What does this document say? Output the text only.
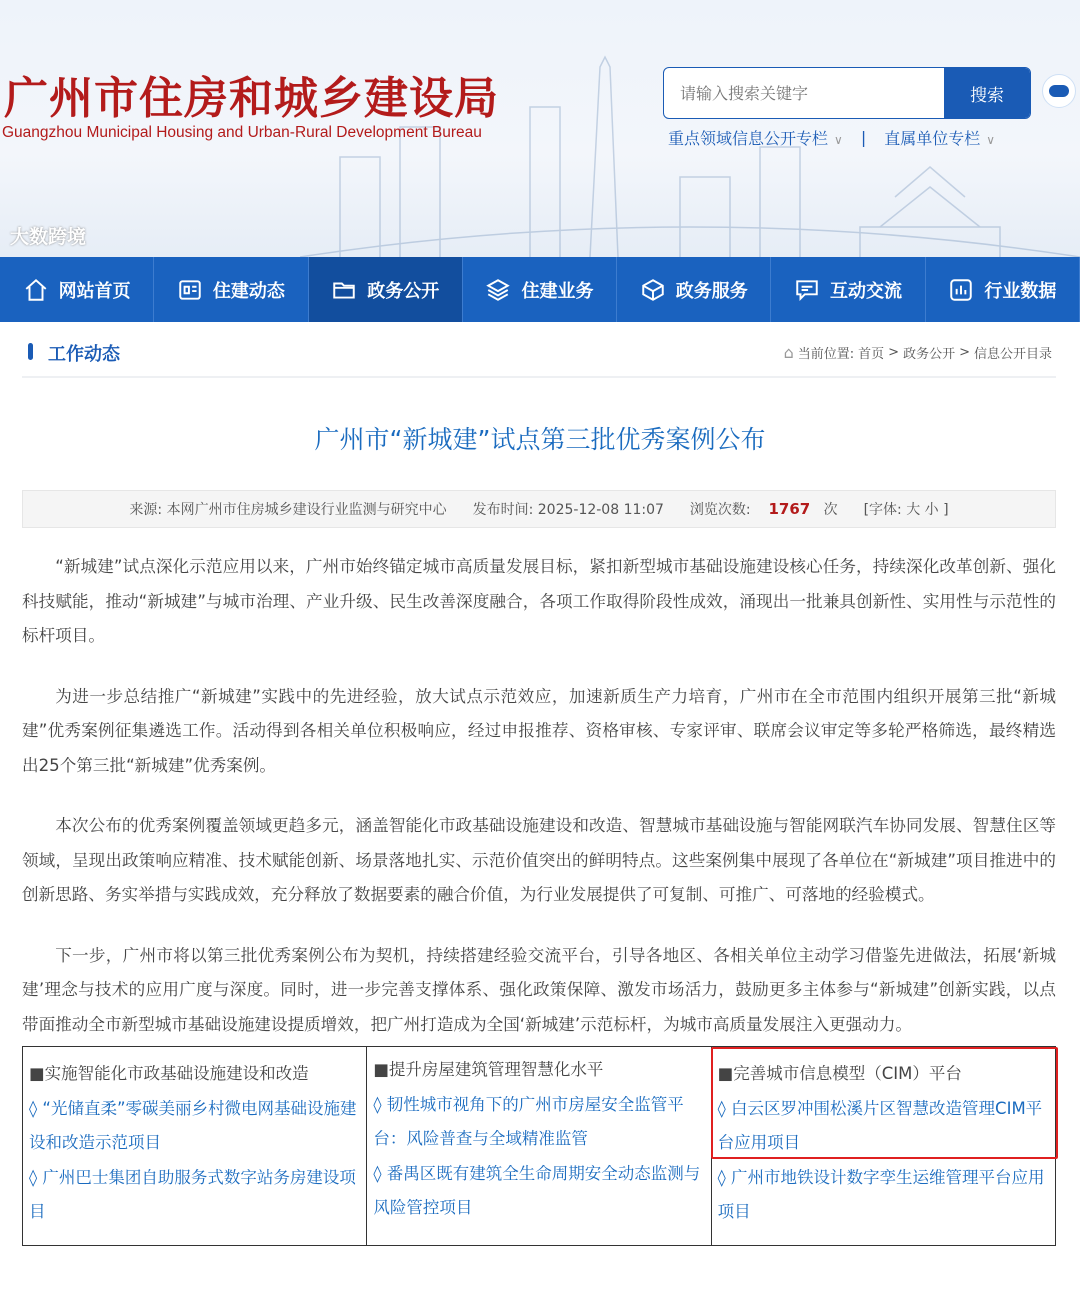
广州市住房和城乡建设局
Guangzhou Municipal Housing and Urban-Rural Development Bureau
请输入搜索关键字
搜索
重点领域信息公开专栏 ∨ | 直属单位专栏 ∨
大数跨境
网站首页	住建动态	政务公开	住建业务	政务服务	互动交流	行业数据
工作动态	⌂ 当前位置: 首页 > 政务公开 > 信息公开目录
广州市“新城建”试点第三批优秀案例公布
来源: 本网广州市住房城乡建设行业监测与研究中心 发布时间: 2025-12-08 11:07 浏览次数: 1767 次 [字体: 大 小 ]

“新城建”试点深化示范应用以来，广州市始终锚定城市高质量发展目标，紧扣新型城市基础设施建设核心任务，持续深化改革创新、强化科技赋能，推动“新城建”与城市治理、产业升级、民生改善深度融合，各项工作取得阶段性成效，涌现出一批兼具创新性、实用性与示范性的标杆项目。

为进一步总结推广“新城建”实践中的先进经验，放大试点示范效应，加速新质生产力培育，广州市在全市范围内组织开展第三批“新城建”优秀案例征集遴选工作。活动得到各相关单位积极响应，经过申报推荐、资格审核、专家评审、联席会议审定等多轮严格筛选，最终精选出25个第三批“新城建”优秀案例。

本次公布的优秀案例覆盖领域更趋多元，涵盖智能化市政基础设施建设和改造、智慧城市基础设施与智能网联汽车协同发展、智慧住区等领域，呈现出政策响应精准、技术赋能创新、场景落地扎实、示范价值突出的鲜明特点。这些案例集中展现了各单位在“新城建”项目推进中的创新思路、务实举措与实践成效，充分释放了数据要素的融合价值，为行业发展提供了可复制、可推广、可落地的经验模式。

下一步，广州市将以第三批优秀案例公布为契机，持续搭建经验交流平台，引导各地区、各相关单位主动学习借鉴先进做法，拓展‘新城建’理念与技术的应用广度与深度。同时，进一步完善支撑体系、强化政策保障、激发市场活力，鼓励更多主体参与“新城建”创新实践，以点带面推动全市新型城市基础设施建设提质增效，把广州打造成为全国‘新城建’示范标杆，为城市高质量发展注入更强动力。

■实施智能化市政基础设施建设和改造
◊ “光储直柔”零碳美丽乡村微电网基础设施建设和改造示范项目
◊ 广州巴士集团自助服务式数字站务房建设项目
■提升房屋建筑管理智慧化水平
◊ 韧性城市视角下的广州市房屋安全监管平台：风险普查与全域精准监管
◊ 番禺区既有建筑全生命周期安全动态监测与风险管控项目
■完善城市信息模型（CIM）平台
◊ 白云区罗冲围松溪片区智慧改造管理CIM平台应用项目
◊ 广州市地铁设计数字孪生运维管理平台应用项目
